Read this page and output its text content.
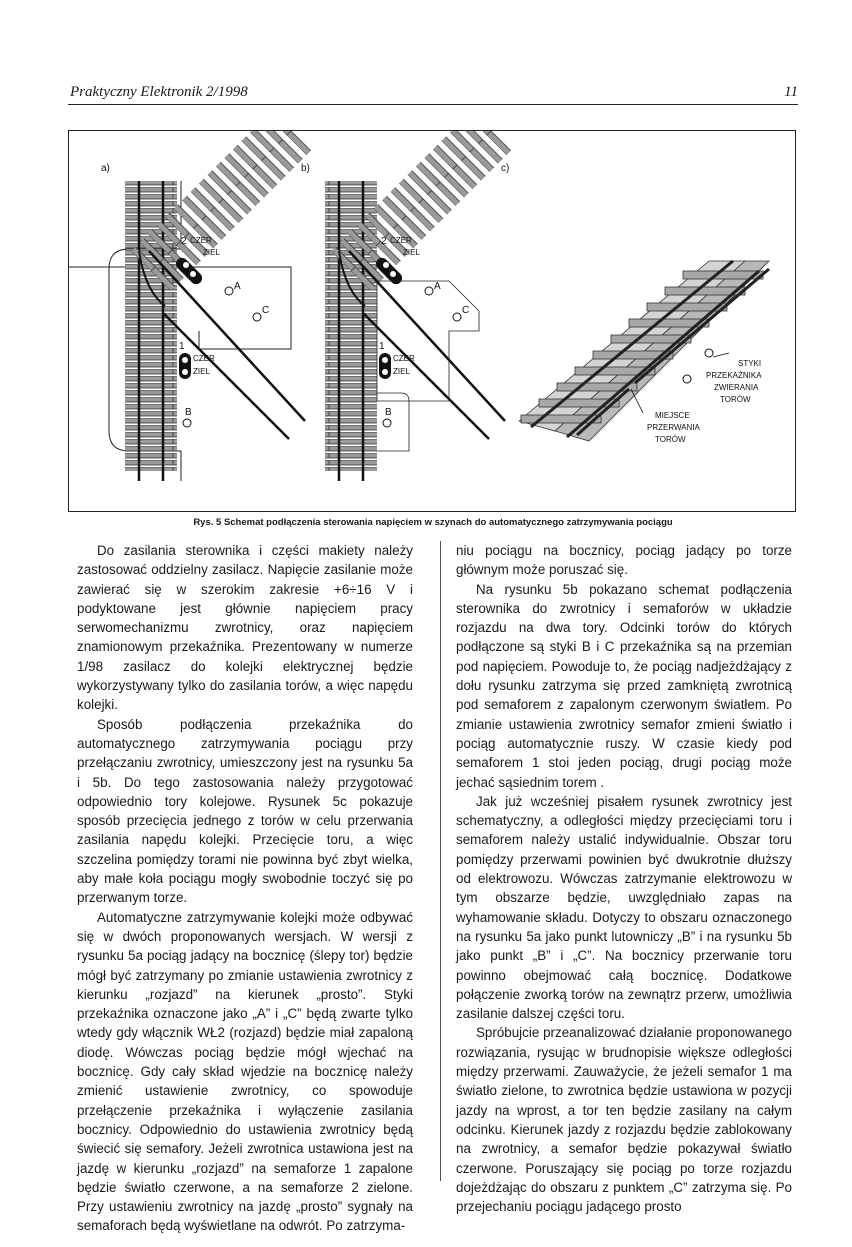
Praktyczny Elektronik 2/1998	11
a)	b)	c)
2 CZER
ZIEL
A
C
1
CZER
ZIEL
B
2 CZER
ZIEL
A
C
1
CZER
ZIEL
B
STYKI
PRZEKAŹNIKA
ZWIERANIA
TORÓW
MIEJSCE
PRZERWANIA
TORÓW
Rys. 5 Schemat podłączenia sterowania napięciem w szynach do automatycznego zatrzymywania pociągu

Do zasilania sterownika i części makiety należy zastosować oddzielny zasilacz. Napięcie zasilanie może zawierać się w szerokim zakresie +6÷16 V i podyktowane jest głównie napięciem pracy serwomechanizmu zwrotnicy, oraz napięciem znamionowym przekaźnika. Prezentowany w numerze 1/98 zasilacz do kolejki elektrycznej będzie wykorzystywany tylko do zasilania torów, a więc napędu kolejki.

Sposób podłączenia przekaźnika do automatycznego zatrzymywania pociągu przy przełączaniu zwrotnicy, umieszczony jest na rysunku 5a i 5b. Do tego zastosowania należy przygotować odpowiednio tory kolejowe. Rysunek 5c pokazuje sposób przecięcia jednego z torów w celu przerwania zasilania napędu kolejki. Przecięcie toru, a więc szczelina pomiędzy torami nie powinna być zbyt wielka, aby małe koła pociągu mogły swobodnie toczyć się po przerwanym torze.

Automatyczne zatrzymywanie kolejki może odbywać się w dwóch proponowanych wersjach. W wersji z rysunku 5a pociąg jadący na bocznicę (ślepy tor) będzie mógł być zatrzymany po zmianie ustawienia zwrotnicy z kierunku „rozjazd” na kierunek „prosto”. Styki przekaźnika oznaczone jako „A” i „C” będą zwarte tylko wtedy gdy włącznik WŁ2 (rozjazd) będzie miał zapaloną diodę. Wówczas pociąg będzie mógł wjechać na bocznicę. Gdy cały skład wjedzie na bocznicę należy zmienić ustawienie zwrotnicy, co spowoduje przełączenie przekaźnika i wyłączenie zasilania bocznicy. Odpowiednio do ustawienia zwrotnicy będą świecić się semafory. Jeżeli zwrotnica ustawiona jest na jazdę w kierunku „rozjazd” na semaforze 1 zapalone będzie światło czerwone, a na semaforze 2 zielone. Przy ustawieniu zwrotnicy na jazdę „prosto” sygnały na semaforach będą wyświetlane na odwrót. Po zatrzyma-

niu pociągu na bocznicy, pociąg jadący po torze głównym może poruszać się.

Na rysunku 5b pokazano schemat podłączenia sterownika do zwrotnicy i semaforów w układzie rozjazdu na dwa tory. Odcinki torów do których podłączone są styki B i C przekaźnika są na przemian pod napięciem. Powoduje to, że pociąg nadjeżdżający z dołu rysunku zatrzyma się przed zamkniętą zwrotnicą pod semaforem z zapalonym czerwonym światłem. Po zmianie ustawienia zwrotnicy semafor zmieni światło i pociąg automatycznie ruszy. W czasie kiedy pod semaforem 1 stoi jeden pociąg, drugi pociąg może jechać sąsiednim torem .

Jak już wcześniej pisałem rysunek zwrotnicy jest schematyczny, a odległości między przecięciami toru i semaforem należy ustalić indywidualnie. Obszar toru pomiędzy przerwami powinien być dwukrotnie dłuższy od elektrowozu. Wówczas zatrzymanie elektrowozu w tym obszarze będzie, uwzględniało zapas na wyhamowanie składu. Dotyczy to obszaru oznaczonego na rysunku 5a jako punkt lutowniczy „B” i na rysunku 5b jako punkt „B” i „C”. Na bocznicy przerwanie toru powinno obejmować całą bocznicę. Dodatkowe połączenie zworką torów na zewnątrz przerw, umożliwia zasilanie dalszej części toru.

Spróbujcie przeanalizować działanie proponowanego rozwiązania, rysując w brudnopisie większe odległości między przerwami. Zauważycie, że jeżeli semafor 1 ma światło zielone, to zwrotnica będzie ustawiona w pozycji jazdy na wprost, a tor ten będzie zasilany na całym odcinku. Kierunek jazdy z rozjazdu będzie zablokowany na zwrotnicy, a semafor będzie pokazywał światło czerwone. Poruszający się pociąg po torze rozjazdu dojeżdżając do obszaru z punktem „C” zatrzyma się. Po przejechaniu pociągu jadącego prosto
